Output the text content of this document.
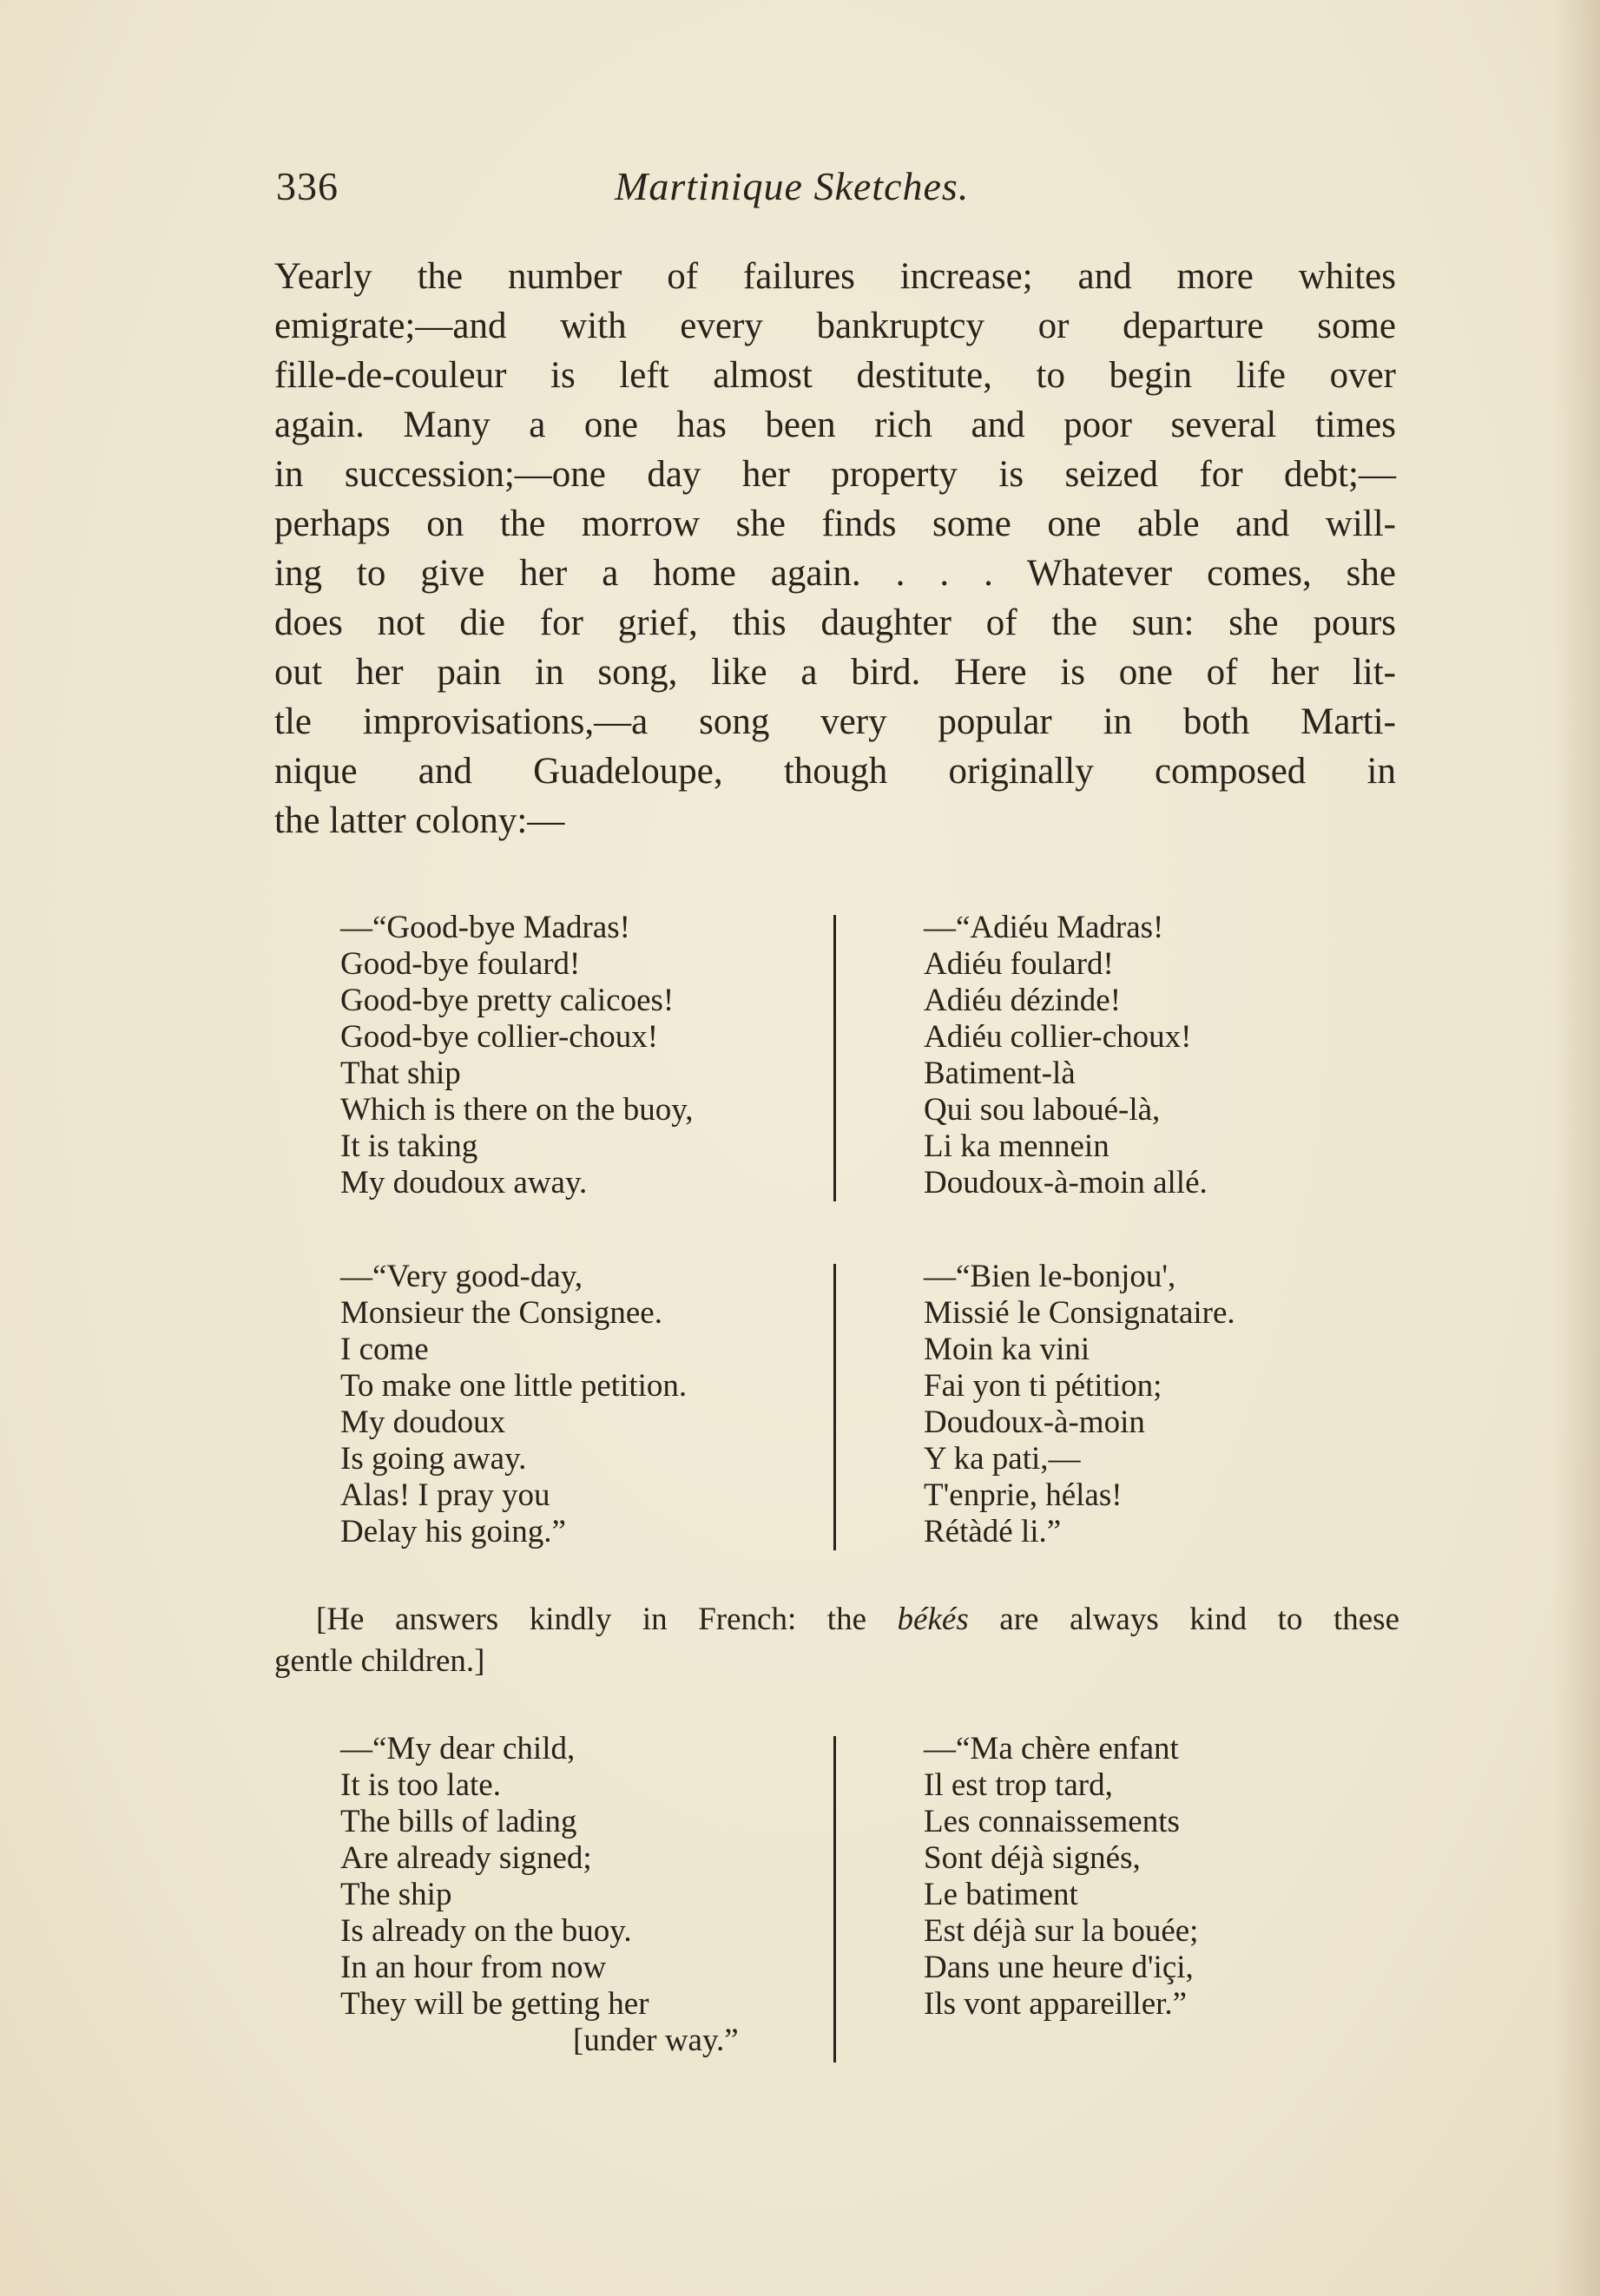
336	Martinique Sketches.
Yearly the number of failures increase; and more whites
emigrate;—and with every bankruptcy or departure some
fille-de-couleur is left almost destitute, to begin life over
again. Many a one has been rich and poor several times
in succession;—one day her property is seized for debt;—
perhaps on the morrow she finds some one able and will-
ing to give her a home again. . . . Whatever comes, she
does not die for grief, this daughter of the sun: she pours
out her pain in song, like a bird. Here is one of her lit-
tle improvisations,—a song very popular in both Marti-
nique and Guadeloupe, though originally composed in
the latter colony:—
—“Good-bye Madras!
Good-bye foulard!
Good-bye pretty calicoes!
Good-bye collier-choux!
That ship
Which is there on the buoy,
It is taking
My doudoux away.
—“Adiéu Madras!
Adiéu foulard!
Adiéu dézinde!
Adiéu collier-choux!
Batiment-là
Qui sou laboué-là,
Li ka mennein
Doudoux-à-moin allé.
—“Very good-day,
Monsieur the Consignee.
I come
To make one little petition.
My doudoux
Is going away.
Alas! I pray you
Delay his going.”
—“Bien le-bonjou',
Missié le Consignataire.
Moin ka vini
Fai yon ti pétition;
Doudoux-à-moin
Y ka pati,—
T'enprie, hélas!
Rétàdé li.”
[He answers kindly in French: the békés are always kind to these
gentle children.]
—“My dear child,
It is too late.
The bills of lading
Are already signed;
The ship
Is already on the buoy.
In an hour from now
They will be getting her
[under way.”
—“Ma chère enfant
Il est trop tard,
Les connaissements
Sont déjà signés,
Le batiment
Est déjà sur la bouée;
Dans une heure d'içi,
Ils vont appareiller.”
